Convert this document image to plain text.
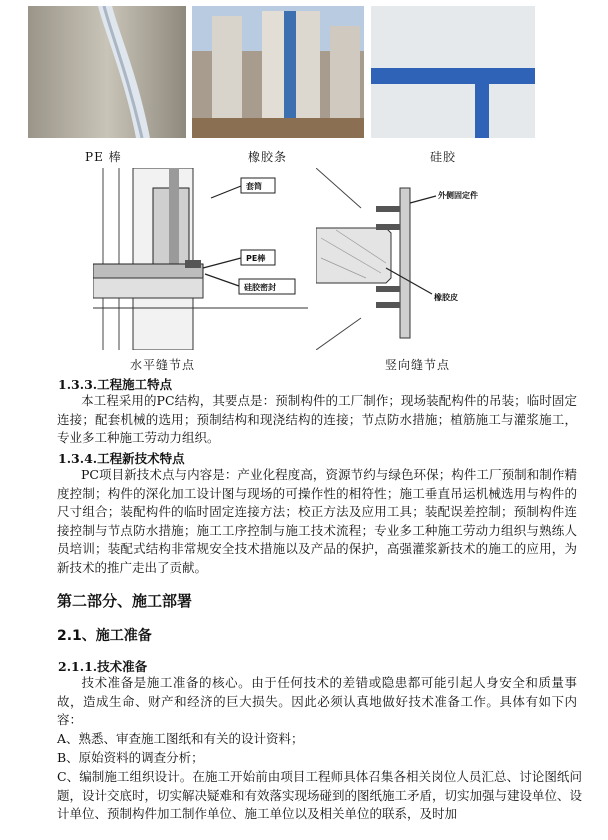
PE 棒	橡胶条	硅胶
套筒
PE棒
硅胶密封
外侧固定件
橡胶皮
水平缝节点	竖向缝节点
1.3.3.工程施工特点
本工程采用的PC结构，其要点是：预制构件的工厂制作；现场装配构件的吊装；临时固定连接；配套机械的选用；预制结构和现浇结构的连接；节点防水措施；植筋施工与灌浆施工，专业多工种施工劳动力组织。
1.3.4.工程新技术特点
PC项目新技术点与内容是：产业化程度高，资源节约与绿色环保；构件工厂预制和制作精度控制；构件的深化加工设计图与现场的可操作性的相符性；施工垂直吊运机械选用与构件的尺寸组合；装配构件的临时固定连接方法；校正方法及应用工具；装配误差控制；预制构件连接控制与节点防水措施；施工工序控制与施工技术流程；专业多工种施工劳动力组织与熟练人员培训；装配式结构非常规安全技术措施以及产品的保护，高强灌浆新技术的施工的应用，为新技术的推广走出了贡献。
第二部分、施工部署
2.1、施工准备
2.1.1.技术准备
技术准备是施工准备的核心。由于任何技术的差错或隐患都可能引起人身安全和质量事故，造成生命、财产和经济的巨大损失。因此必须认真地做好技术准备工作。具体有如下内容：
A、熟悉、审查施工图纸和有关的设计资料；
B、原始资料的调查分析；
C、编制施工组织设计。在施工开始前由项目工程师具体召集各相关岗位人员汇总、讨论图纸问题，设计交底时，切实解决疑难和有效落实现场碰到的图纸施工矛盾，切实加强与建设单位、设计单位、预制构件加工制作单位、施工单位以及相关单位的联系，及时加
